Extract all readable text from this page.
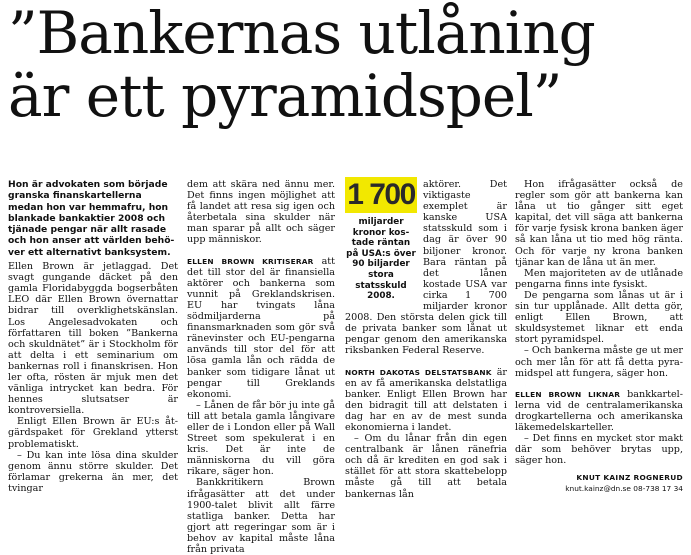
”Bankernas utlåning
är ett pyramidspel”

Hon är advokaten som började granska finanskartellerna medan hon var hemmafru, hon blankade bankaktier 2008 och tjänade pengar när allt rasade och hon anser att världen behöver ett alternativt banksystem.

Ellen Brown är jetlaggad. Det svagt gungande däcket på den gamla Floridabyggda bogserbåten LEO där Ellen Brown övernattar bidrar till overklighetskänslan. Los Angelesadvokaten och författaren till boken ”Bankerna och skuldnätet” är i Stockholm för att delta i ett seminarium om bankernas roll i finanskrisen. Hon ler ofta, rösten är mjuk men det vänliga intrycket kan bedra. För hennes slutsatser är kontroversiella.

Enligt Ellen Brown är EU:s åtgärdspaket för Grekland ytterst problematiskt.

– Du kan inte lösa dina skulder genom ännu större skulder. Det förlamar grekerna än mer, det tvingar

dem att skära ned ännu mer. Det finns ingen möjlighet att få landet att resa sig igen och återbetala sina skulder när man sparar på allt och säger upp människor.

ELLEN BROWN KRITISERAR att det till stor del är finansiella aktörer och bankerna som vunnit på Greklandskrisen. EU har tvingats låna södmiljarderna på finansmarknaden som gör svå ränevinster och EU-pengarna används till stor del för att lösa gamla lån och rädda de banker som tidigare lånat ut pengar till Greklands ekonomi.

– Lånen de får bör ju inte gå till att betala gamla långivare eller de i London eller på Wall Street som spekulerat i en kris. Det är inte de människorna du vill göra rikare, säger hon.

Bankkritikern Brown ifrågasätter att det under 1900-talet blivit allt färre statliga banker. Detta har gjort att regeringar som är i behov av kapital måste låna från privata

1 700
miljarder kronor kostade räntan på USA:s över 90 biljarder stora statsskuld 2008.

aktörer. Det viktigaste exemplet är kanske USA statsskuld som i dag är över 90 biljoner kronor. Bara räntan på det lånen kostade USA var cirka 1 700 miljarder kronor 2008. Den största delen gick till de privata banker som lånat ut pengar genom den amerikanska riksbanken Federal Reserve.

NORTH DAKOTAS DELSTATSBANK är en av få amerikanska delstatliga banker. Enligt Ellen Brown har den bidragit till att delstaten i dag har en av de mest sunda ekonomierna i landet.

– Om du lånar från din egen centralbank är lånen ränefria och då är krediten en god sak i stället för att stora skattebelopp måste gå till att betala bankernas lån

Hon ifrågasätter också de regler som gör att bankerna kan låna ut tio gånger sitt eget kapital, det vill säga att bankerna för varje fysisk krona banken äger så kan låna ut tio med hög ränta. Och för varje ny krona banken tjänar kan de låna ut än mer.

Men majoriteten av de utlånade pengarna finns inte fysiskt.

De pengarna som lånas ut är i sin tur upplånade. Allt detta gör, enligt Ellen Brown, att skuldsystemet liknar ett enda stort pyramidspel.

– Och bankerna måste ge ut mer och mer lån för att få detta pyramidspel att fungera, säger hon.

ELLEN BROWN LIKNAR bankkartellerna vid de centralamerikanska drogkartellerna och amerikanska läkemedelskarteller.

– Det finns en mycket stor makt där som behöver brytas upp, säger hon.

KNUT KAINZ ROGNERUD
knut.kainz@dn.se 08-738 17 34
